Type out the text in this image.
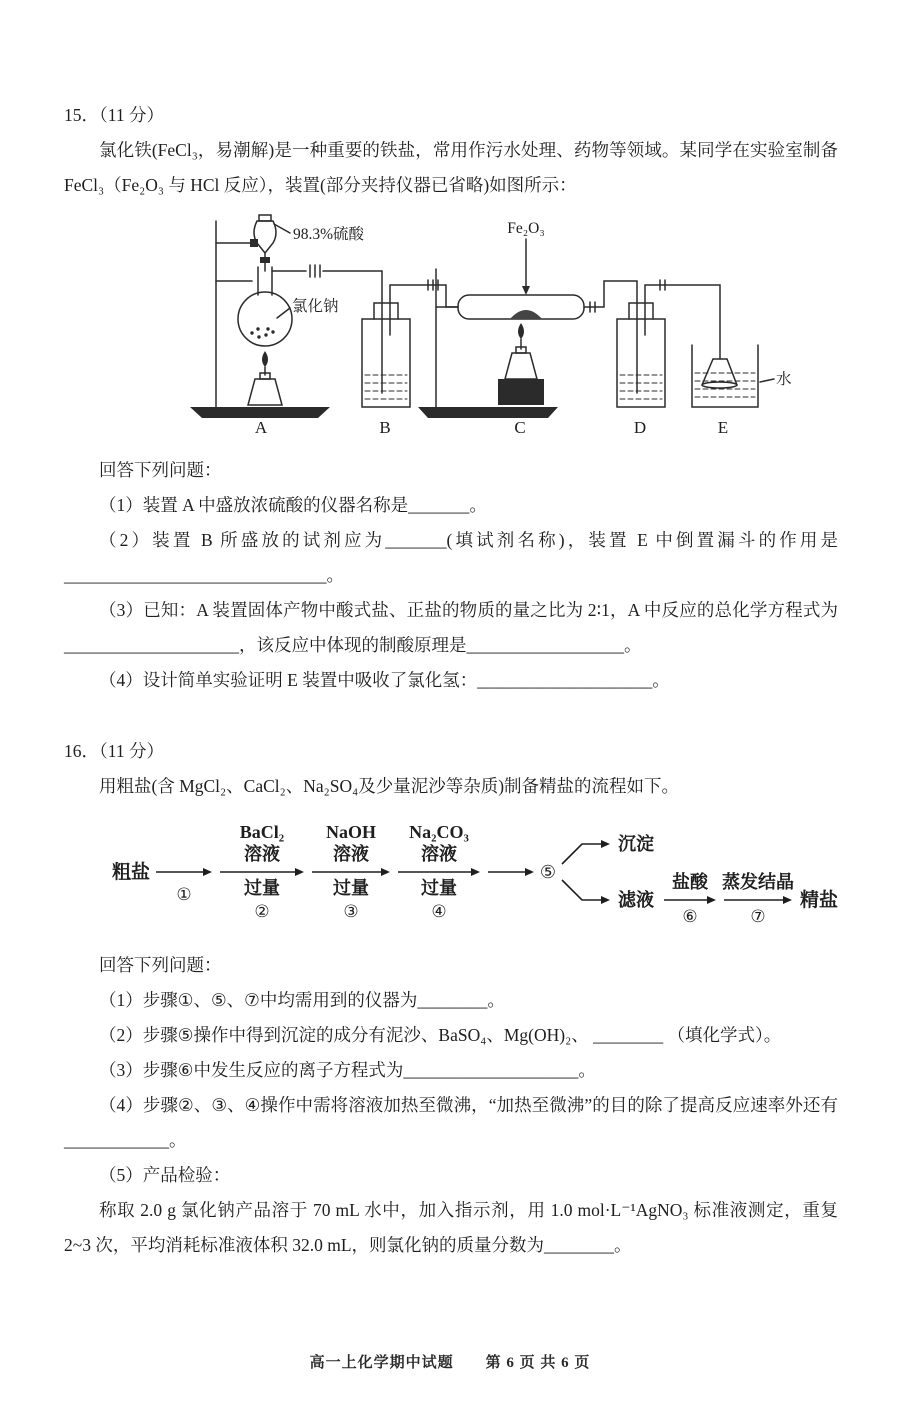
15．（11 分）

氯化铁(FeCl₃，易潮解)是一种重要的铁盐，常用作污水处理、药物等领域。某同学在实验室制备 FeCl₃（Fe₂O₃ 与 HCl 反应），装置(部分夹持仪器已省略)如图所示：

98.3%硫酸
氯化钠
Fe₂O₃
水
A	B	C	D	E

回答下列问题：

（1）装置 A 中盛放浓硫酸的仪器名称是_______。

（2）装置 B 所盛放的试剂应为_______(填试剂名称)，装置 E 中倒置漏斗的作用是______________________________。

（3）已知：A 装置固体产物中酸式盐、正盐的物质的量之比为 2∶1，A 中反应的总化学方程式为____________________，该反应中体现的制酸原理是__________________。

（4）设计简单实验证明 E 装置中吸收了氯化氢：____________________。

16．（11 分）

用粗盐(含 MgCl₂、CaCl₂、Na₂SO₄及少量泥沙等杂质)制备精盐的流程如下。

粗盐
BaCl₂
溶液
过量
NaOH
溶液
过量
Na₂CO₃
溶液
过量
沉淀
滤液
盐酸 蒸发结晶
精盐
①
②	③	④
⑤
⑥	⑦

回答下列问题：

（1）步骤①、⑤、⑦中均需用到的仪器为________。

（2）步骤⑤操作中得到沉淀的成分有泥沙、BaSO₄、Mg(OH)₂、 ________ （填化学式）。

（3）步骤⑥中发生反应的离子方程式为____________________。

（4）步骤②、③、④操作中需将溶液加热至微沸，“加热至微沸”的目的除了提高反应速率外还有____________。

（5）产品检验：

称取 2.0 g 氯化钠产品溶于 70 mL 水中，加入指示剂，用 1.0 mol·L⁻¹AgNO₃ 标准液测定，重复 2~3 次，平均消耗标准液体积 32.0 mL，则氯化钠的质量分数为________。

高一上化学期中试题　　第 6 页 共 6 页
